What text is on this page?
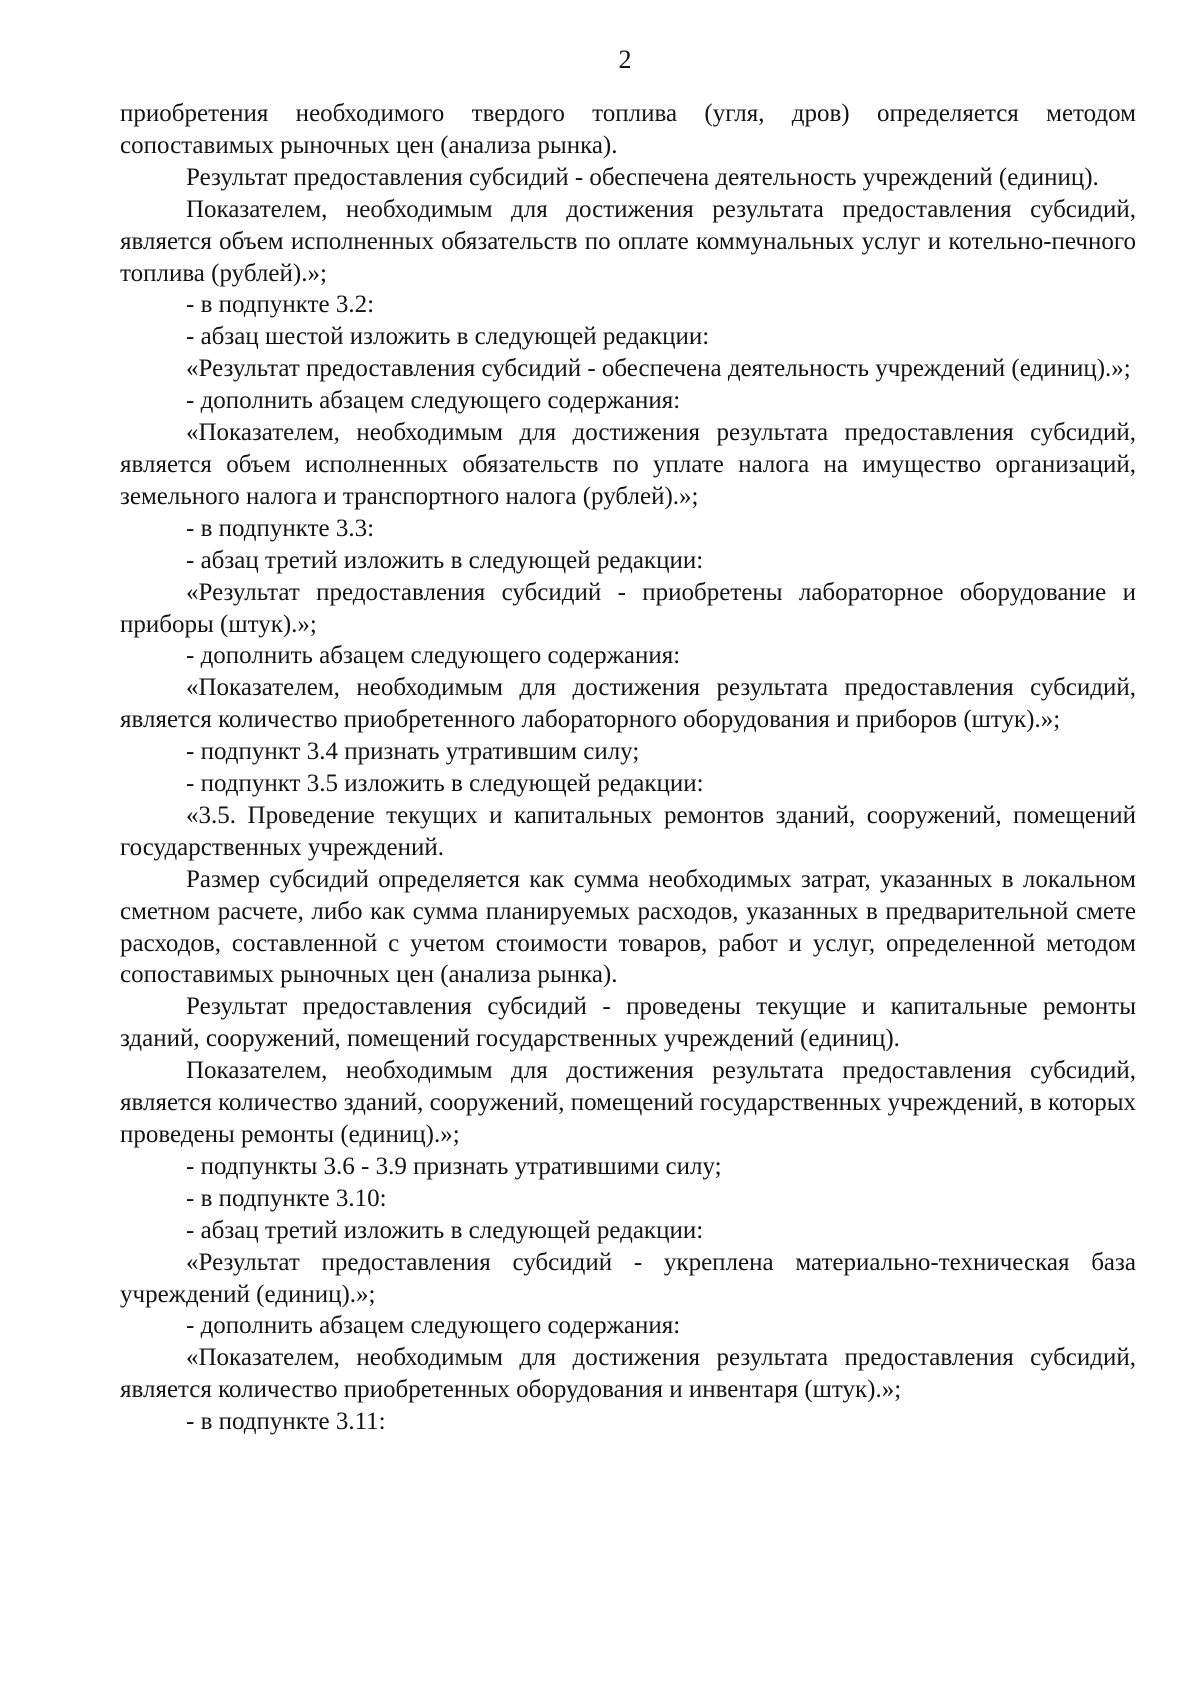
2

приобретения необходимого твердого топлива (угля, дров) определяется методом сопоставимых рыночных цен (анализа рынка).

Результат предоставления субсидий - обеспечена деятельность учреждений (единиц).

Показателем, необходимым для достижения результата предоставления субсидий, является объем исполненных обязательств по оплате коммунальных услуг и котельно-печного топлива (рублей).»;

- в подпункте 3.2:

- абзац шестой изложить в следующей редакции:

«Результат предоставления субсидий - обеспечена деятельность учреждений (единиц).»;

- дополнить абзацем следующего содержания:

«Показателем, необходимым для достижения результата предоставления субсидий, является объем исполненных обязательств по уплате налога на имущество организаций, земельного налога и транспортного налога (рублей).»;

- в подпункте 3.3:

- абзац третий изложить в следующей редакции:

«Результат предоставления субсидий - приобретены лабораторное оборудование и приборы (штук).»;

- дополнить абзацем следующего содержания:

«Показателем, необходимым для достижения результата предоставления субсидий, является количество приобретенного лабораторного оборудования и приборов (штук).»;

- подпункт 3.4 признать утратившим силу;

- подпункт 3.5 изложить в следующей редакции:

«3.5. Проведение текущих и капитальных ремонтов зданий, сооружений, помещений государственных учреждений.

Размер субсидий определяется как сумма необходимых затрат, указанных в локальном сметном расчете, либо как сумма планируемых расходов, указанных в предварительной смете расходов, составленной с учетом стоимости товаров, работ и услуг, определенной методом сопоставимых рыночных цен (анализа рынка).

Результат предоставления субсидий - проведены текущие и капитальные ремонты зданий, сооружений, помещений государственных учреждений (единиц).

Показателем, необходимым для достижения результата предоставления субсидий, является количество зданий, сооружений, помещений государственных учреждений, в которых проведены ремонты (единиц).»;

- подпункты 3.6 - 3.9 признать утратившими силу;

- в подпункте 3.10:

- абзац третий изложить в следующей редакции:

«Результат предоставления субсидий - укреплена материально-техническая база учреждений (единиц).»;

- дополнить абзацем следующего содержания:

«Показателем, необходимым для достижения результата предоставления субсидий, является количество приобретенных оборудования и инвентаря (штук).»;

- в подпункте 3.11:
